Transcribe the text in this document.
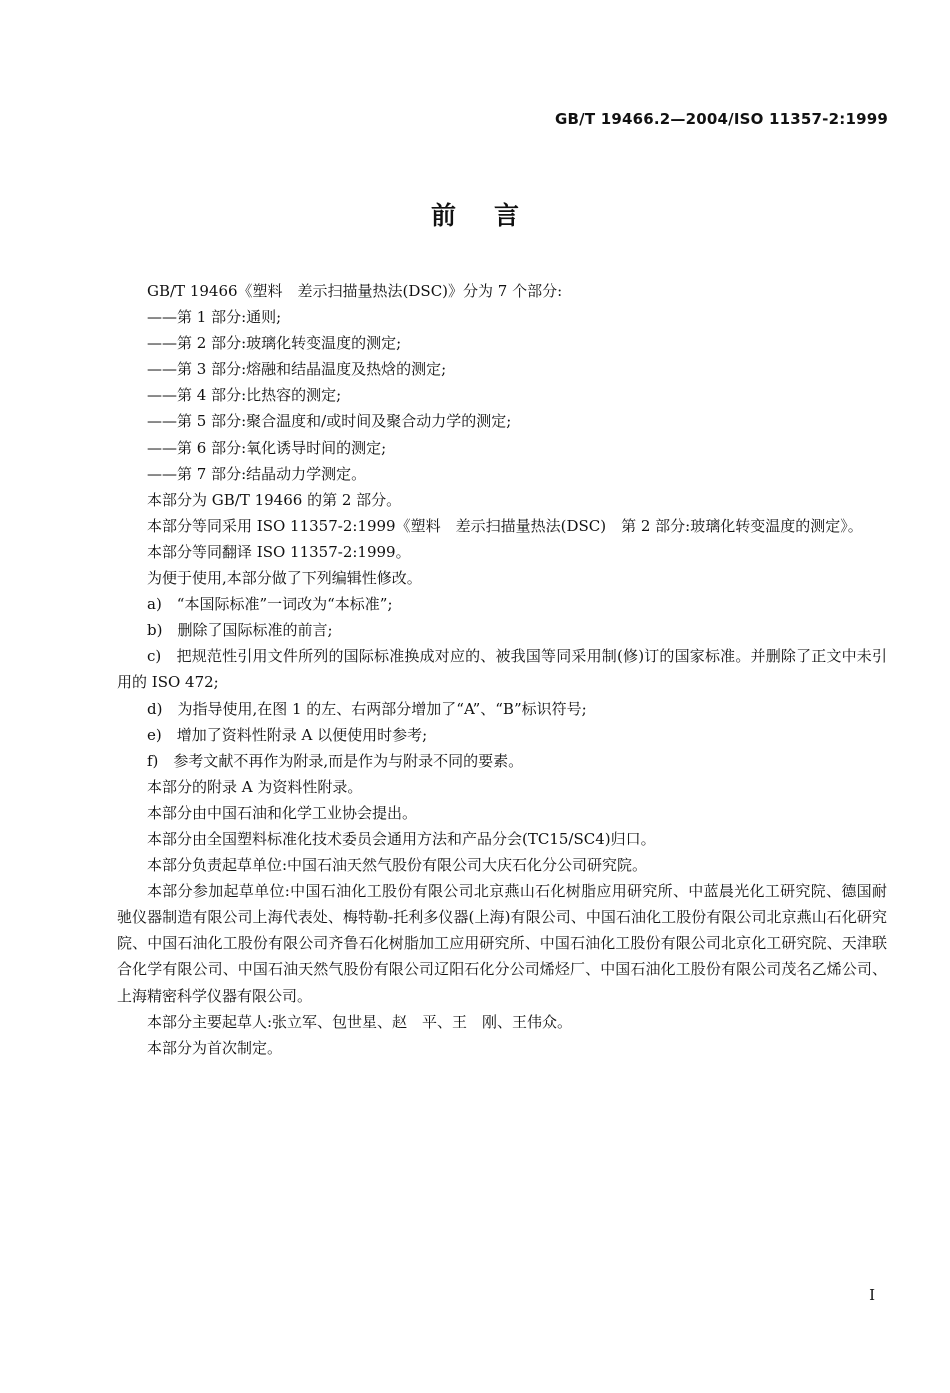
GB/T 19466.2—2004/ISO 11357-2:1999
前言

GB/T 19466《塑料　差示扫描量热法(DSC)》分为 7 个部分:

——第 1 部分:通则;

——第 2 部分:玻璃化转变温度的测定;

——第 3 部分:熔融和结晶温度及热焓的测定;

——第 4 部分:比热容的测定;

——第 5 部分:聚合温度和/或时间及聚合动力学的测定;

——第 6 部分:氧化诱导时间的测定;

——第 7 部分:结晶动力学测定。

本部分为 GB/T 19466 的第 2 部分。

本部分等同采用 ISO 11357-2:1999《塑料　差示扫描量热法(DSC)　第 2 部分:玻璃化转变温度的测定》。

本部分等同翻译 ISO 11357-2:1999。

为便于使用,本部分做了下列编辑性修改。

a)　“本国际标准”一词改为“本标准”;

b)　删除了国际标准的前言;

c)　把规范性引用文件所列的国际标准换成对应的、被我国等同采用制(修)订的国家标准。并删除了正文中未引用的 ISO 472;

d)　为指导使用,在图 1 的左、右两部分增加了“A”、“B”标识符号;

e)　增加了资料性附录 A 以便使用时参考;

f)　参考文献不再作为附录,而是作为与附录不同的要素。

本部分的附录 A 为资料性附录。

本部分由中国石油和化学工业协会提出。

本部分由全国塑料标准化技术委员会通用方法和产品分会(TC15/SC4)归口。

本部分负责起草单位:中国石油天然气股份有限公司大庆石化分公司研究院。

本部分参加起草单位:中国石油化工股份有限公司北京燕山石化树脂应用研究所、中蓝晨光化工研究院、德国耐驰仪器制造有限公司上海代表处、梅特勒-托利多仪器(上海)有限公司、中国石油化工股份有限公司北京燕山石化研究院、中国石油化工股份有限公司齐鲁石化树脂加工应用研究所、中国石油化工股份有限公司北京化工研究院、天津联合化学有限公司、中国石油天然气股份有限公司辽阳石化分公司烯烃厂、中国石油化工股份有限公司茂名乙烯公司、上海精密科学仪器有限公司。

本部分主要起草人:张立军、包世星、赵　平、王　刚、王伟众。

本部分为首次制定。

I
